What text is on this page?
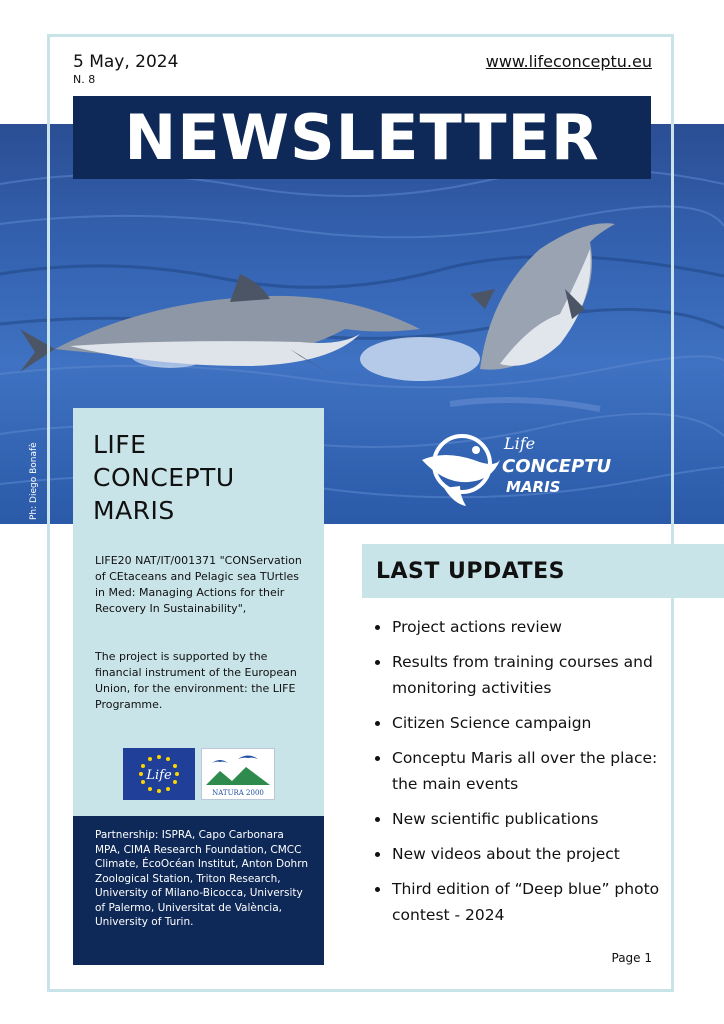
5 May, 2024
N. 8
www.lifeconceptu.eu
NEWSLETTER
Ph: Diego Bonafè	Life
CONCEPTU
MARIS
LIFE
CONCEPTU
MARIS
LIFE20 NAT/IT/001371 "CONServation of CEtaceans and Pelagic sea TUrtles in Med: Managing Actions for their Recovery In Sustainability",
The project is supported by the financial instrument of the European Union, for the environment: the LIFE Programme.
Life
NATURA 2000

Partnership: ISPRA, Capo Carbonara MPA, CIMA Research Foundation, CMCC Climate, ÉcoOcéan Institut, Anton Dohrn Zoological Station, Triton Research, University of Milano-Bicocca, University of Palermo, Universitat de València, University of Turin.

LAST UPDATES
Project actions review
Results from training courses and monitoring activities
Citizen Science campaign
Conceptu Maris all over the place: the main events
New scientific publications
New videos about the project
Third edition of “Deep blue” photo contest - 2024
Page 1
